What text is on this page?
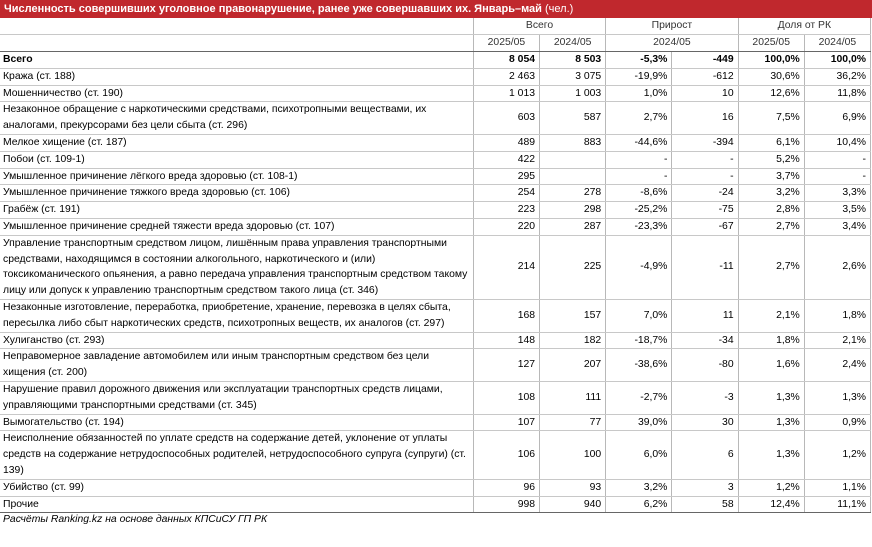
Численность совершивших уголовное правонарушение, ранее уже совершавших их. Январь–май (чел.)
	Всего		Прирост		Доля от РК	
	2025/05	2024/05	2024/05		2025/05	2024/05
Всего	8 054	8 503	-5,3%	-449	100,0%	100,0%
Кража (ст. 188)	2 463	3 075	-19,9%	-612	30,6%	36,2%
Мошенничество (ст. 190)	1 013	1 003	1,0%	10	12,6%	11,8%
Незаконное обращение с наркотическими средствами, психотропными веществами, их аналогами, прекурсорами без цели сбыта (ст. 296)	603	587	2,7%	16	7,5%	6,9%
Мелкое хищение (ст. 187)	489	883	-44,6%	-394	6,1%	10,4%
Побои (ст. 109-1)	422		-	-	5,2%	-
Умышленное причинение лёгкого вреда здоровью (ст. 108-1)	295		-	-	3,7%	-
Умышленное причинение тяжкого вреда здоровью (ст. 106)	254	278	-8,6%	-24	3,2%	3,3%
Грабёж (ст. 191)	223	298	-25,2%	-75	2,8%	3,5%
Умышленное причинение средней тяжести вреда здоровью (ст. 107)	220	287	-23,3%	-67	2,7%	3,4%
Управление транспортным средством лицом, лишённым права управления транспортными средствами, находящимся в состоянии алкогольного, наркотического и (или) токсикоманического опьянения, а равно передача управления транспортным средством такому лицу или допуск к управлению транспортным средством такого лица (ст. 346)	214	225	-4,9%	-11	2,7%	2,6%
Незаконные изготовление, переработка, приобретение, хранение, перевозка в целях сбыта, пересылка либо сбыт наркотических средств, психотропных веществ, их аналогов (ст. 297)	168	157	7,0%	11	2,1%	1,8%
Хулиганство (ст. 293)	148	182	-18,7%	-34	1,8%	2,1%
Неправомерное завладение автомобилем или иным транспортным средством без цели хищения (ст. 200)	127	207	-38,6%	-80	1,6%	2,4%
Нарушение правил дорожного движения или эксплуатации транспортных средств лицами, управляющими транспортными средствами (ст. 345)	108	111	-2,7%	-3	1,3%	1,3%
Вымогательство (ст. 194)	107	77	39,0%	30	1,3%	0,9%
Неисполнение обязанностей по уплате средств на содержание детей, уклонение от уплаты средств на содержание нетрудоспособных родителей, нетрудоспособного супруга (супруги) (ст. 139)	106	100	6,0%	6	1,3%	1,2%
Убийство (ст. 99)	96	93	3,2%	3	1,2%	1,1%
Прочие	998	940	6,2%	58	12,4%	11,1%
Расчёты Ranking.kz на основе данных КПСиСУ ГП РК
